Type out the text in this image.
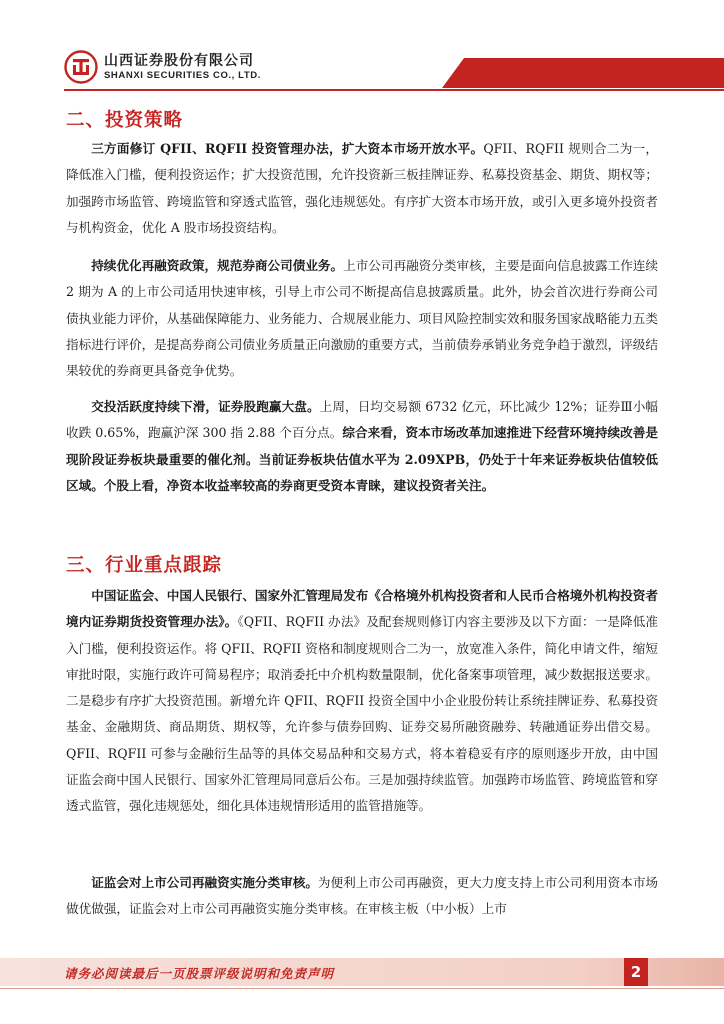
山西证券股份有限公司
SHANXI SECURITIES CO., LTD.
证券研究报告：行业研究/定期报
二、投资策略
三方面修订 QFII、RQFII 投资管理办法，扩大资本市场开放水平。QFII、RQFII 规则合二为一，降低准入门槛，便利投资运作；扩大投资范围，允许投资新三板挂牌证券、私募投资基金、期货、期权等；加强跨市场监管、跨境监管和穿透式监管，强化违规惩处。有序扩大资本市场开放，或引入更多境外投资者与机构资金，优化 A 股市场投资结构。
持续优化再融资政策，规范券商公司债业务。上市公司再融资分类审核，主要是面向信息披露工作连续 2 期为 A 的上市公司适用快速审核，引导上市公司不断提高信息披露质量。此外，协会首次进行券商公司债执业能力评价，从基础保障能力、业务能力、合规展业能力、项目风险控制实效和服务国家战略能力五类指标进行评价，是提高券商公司债业务质量正向激励的重要方式，当前债券承销业务竞争趋于激烈，评级结果较优的券商更具备竞争优势。
交投活跃度持续下滑，证券股跑赢大盘。上周，日均交易额 6732 亿元，环比减少 12%；证券Ⅲ小幅收跌 0.65%，跑赢沪深 300 指 2.88 个百分点。综合来看，资本市场改革加速推进下经营环境持续改善是现阶段证券板块最重要的催化剂。当前证券板块估值水平为 2.09XPB，仍处于十年来证券板块估值较低区域。个股上看，净资本收益率较高的券商更受资本青睐，建议投资者关注。
三、行业重点跟踪
中国证监会、中国人民银行、国家外汇管理局发布《合格境外机构投资者和人民币合格境外机构投资者境内证券期货投资管理办法》。《QFII、RQFII 办法》及配套规则修订内容主要涉及以下方面：一是降低准入门槛，便利投资运作。将 QFII、RQFII 资格和制度规则合二为一，放宽准入条件，简化申请文件，缩短审批时限，实施行政许可简易程序；取消委托中介机构数量限制，优化备案事项管理，减少数据报送要求。二是稳步有序扩大投资范围。新增允许 QFII、RQFII 投资全国中小企业股份转让系统挂牌证券、私募投资基金、金融期货、商品期货、期权等，允许参与债券回购、证券交易所融资融券、转融通证券出借交易。QFII、RQFII 可参与金融衍生品等的具体交易品种和交易方式，将本着稳妥有序的原则逐步开放，由中国证监会商中国人民银行、国家外汇管理局同意后公布。三是加强持续监管。加强跨市场监管、跨境监管和穿透式监管，强化违规惩处，细化具体违规情形适用的监管措施等。
证监会对上市公司再融资实施分类审核。为便利上市公司再融资，更大力度支持上市公司利用资本市场做优做强，证监会对上市公司再融资实施分类审核。在审核主板（中小板）上市
请务必阅读最后一页股票评级说明和免责声明	2
